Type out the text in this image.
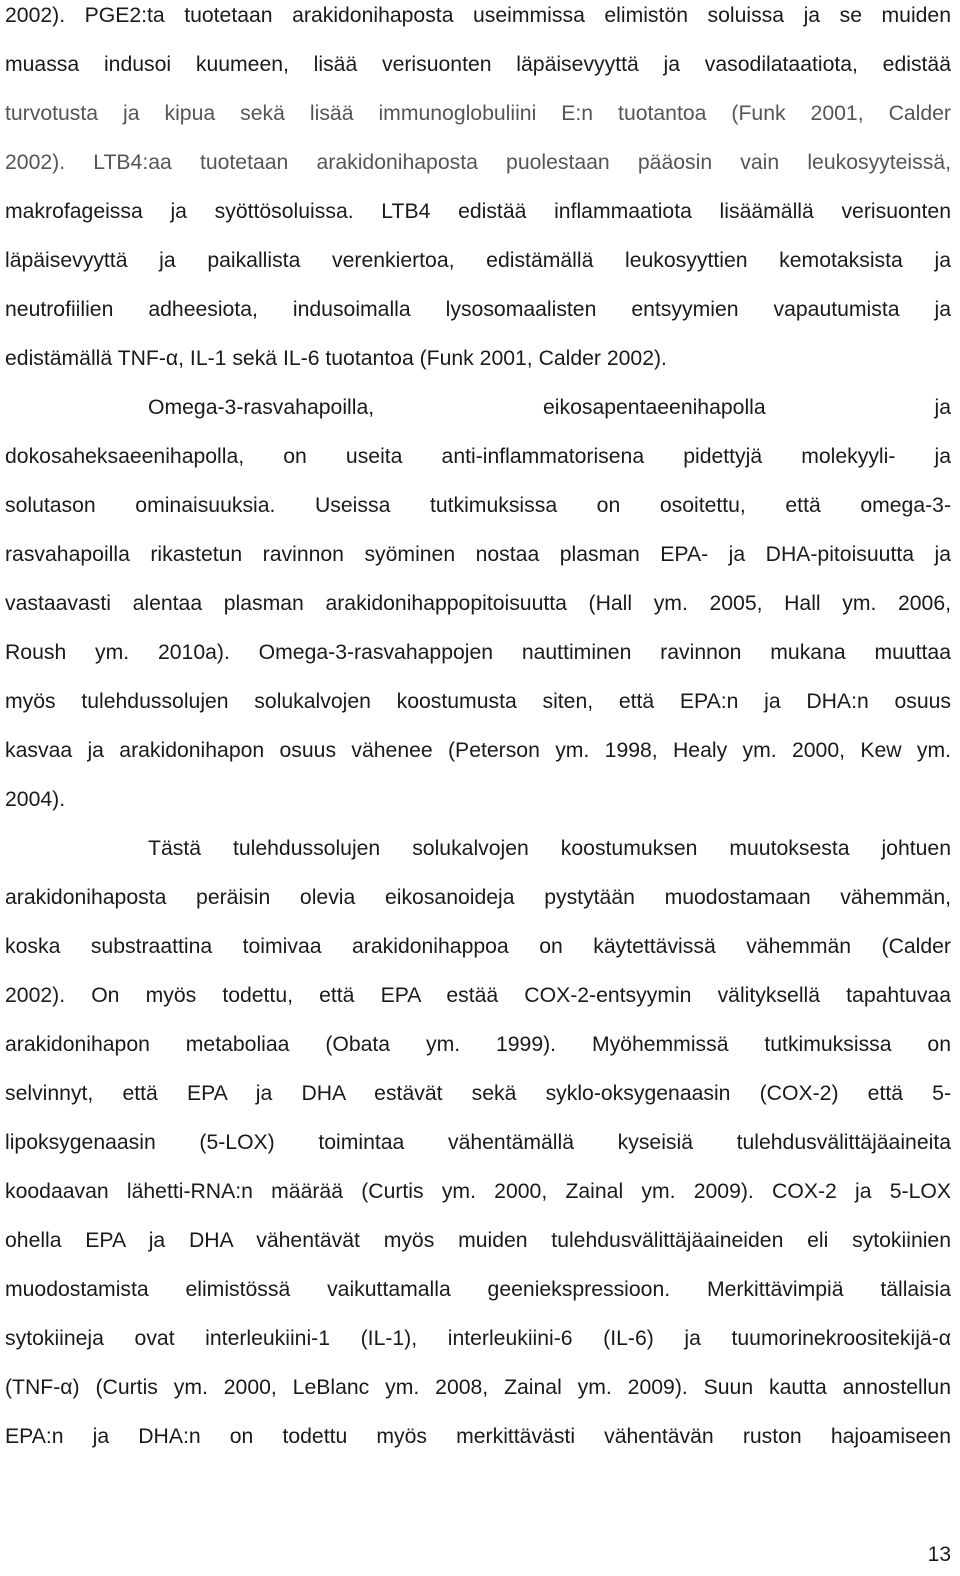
2002). PGE2:ta tuotetaan arakidonihaposta useimmissa elimistön soluissa ja se muiden
muassa indusoi kuumeen, lisää verisuonten läpäisevyyttä ja vasodilataatiota, edistää
turvotusta ja kipua sekä lisää immunoglobuliini E:n tuotantoa (Funk 2001, Calder
2002). LTB4:aa tuotetaan arakidonihaposta puolestaan pääosin vain leukosyyteissä,
makrofageissa ja syöttösoluissa. LTB4 edistää inflammaatiota lisäämällä verisuonten
läpäisevyyttä ja paikallista verenkiertoa, edistämällä leukosyyttien kemotaksista ja
neutrofiilien adheesiota, indusoimalla lysosomaalisten entsyymien vapautumista ja
edistämällä TNF-α, IL-1 sekä IL-6 tuotantoa (Funk 2001, Calder 2002).
Omega-3-rasvahapoilla, eikosapentaeenihapolla ja
dokosaheksaeenihapolla, on useita anti-inflammatorisena pidettyjä molekyyli- ja
solutason ominaisuuksia. Useissa tutkimuksissa on osoitettu, että omega-3-
rasvahapoilla rikastetun ravinnon syöminen nostaa plasman EPA- ja DHA-pitoisuutta ja
vastaavasti alentaa plasman arakidonihappopitoisuutta (Hall ym. 2005, Hall ym. 2006,
Roush ym. 2010a). Omega-3-rasvahappojen nauttiminen ravinnon mukana muuttaa
myös tulehdussolujen solukalvojen koostumusta siten, että EPA:n ja DHA:n osuus
kasvaa ja arakidonihapon osuus vähenee (Peterson ym. 1998, Healy ym. 2000, Kew ym.
2004).
Tästä tulehdussolujen solukalvojen koostumuksen muutoksesta johtuen
arakidonihaposta peräisin olevia eikosanoideja pystytään muodostamaan vähemmän,
koska substraattina toimivaa arakidonihappoa on käytettävissä vähemmän (Calder
2002). On myös todettu, että EPA estää COX-2-entsyymin välityksellä tapahtuvaa
arakidonihapon metaboliaa (Obata ym. 1999). Myöhemmissä tutkimuksissa on
selvinnyt, että EPA ja DHA estävät sekä syklo-oksygenaasin (COX-2) että 5-
lipoksygenaasin (5-LOX) toimintaa vähentämällä kyseisiä tulehdusvälittäjäaineita
koodaavan lähetti-RNA:n määrää (Curtis ym. 2000, Zainal ym. 2009). COX-2 ja 5-LOX
ohella EPA ja DHA vähentävät myös muiden tulehdusvälittäjäaineiden eli sytokiinien
muodostamista elimistössä vaikuttamalla geeniekspressioon. Merkittävimpiä tällaisia
sytokiineja ovat interleukiini-1 (IL-1), interleukiini-6 (IL-6) ja tuumorinekroositekijä-α
(TNF-α) (Curtis ym. 2000, LeBlanc ym. 2008, Zainal ym. 2009). Suun kautta annostellun
EPA:n ja DHA:n on todettu myös merkittävästi vähentävän ruston hajoamiseen
13
